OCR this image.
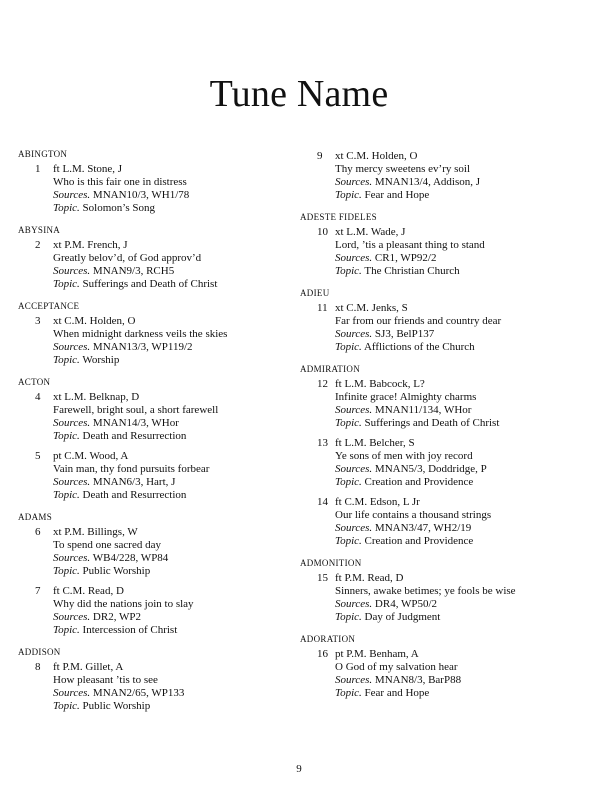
Tune Name
ABINGTON
1	ft L.M. Stone, J
Who is this fair one in distress
Sources. MNAN10/3, WH1/78
Topic. Solomon’s Song
ABYSINA
2	xt P.M. French, J
Greatly belov’d, of God approv’d
Sources. MNAN9/3, RCH5
Topic. Sufferings and Death of Christ
ACCEPTANCE
3	xt C.M. Holden, O
When midnight darkness veils the skies
Sources. MNAN13/3, WP119/2
Topic. Worship
ACTON
4	xt L.M. Belknap, D
Farewell, bright soul, a short farewell
Sources. MNAN14/3, WHor
Topic. Death and Resurrection
5	pt C.M. Wood, A
Vain man, thy fond pursuits forbear
Sources. MNAN6/3, Hart, J
Topic. Death and Resurrection
ADAMS
6	xt P.M. Billings, W
To spend one sacred day
Sources. WB4/228, WP84
Topic. Public Worship
7	ft C.M. Read, D
Why did the nations join to slay
Sources. DR2, WP2
Topic. Intercession of Christ
ADDISON
8	ft P.M. Gillet, A
How pleasant ’tis to see
Sources. MNAN2/65, WP133
Topic. Public Worship
9	xt C.M. Holden, O
Thy mercy sweetens ev’ry soil
Sources. MNAN13/4, Addison, J
Topic. Fear and Hope
ADESTE FIDELES
10 xt L.M. Wade, J
Lord, ’tis a pleasant thing to stand
Sources. CR1, WP92/2
Topic. The Christian Church
ADIEU
11 xt C.M. Jenks, S
Far from our friends and country dear
Sources. SJ3, BelP137
Topic. Afflictions of the Church
ADMIRATION
12 ft L.M. Babcock, L?
Infinite grace! Almighty charms
Sources. MNAN11/134, WHor
Topic. Sufferings and Death of Christ
13 ft L.M. Belcher, S
Ye sons of men with joy record
Sources. MNAN5/3, Doddridge, P
Topic. Creation and Providence
14 ft C.M. Edson, L Jr
Our life contains a thousand strings
Sources. MNAN3/47, WH2/19
Topic. Creation and Providence
ADMONITION
15 ft P.M. Read, D
Sinners, awake betimes; ye fools be wise
Sources. DR4, WP50/2
Topic. Day of Judgment
ADORATION
16 pt P.M. Benham, A
O God of my salvation hear
Sources. MNAN8/3, BarP88
Topic. Fear and Hope
9
